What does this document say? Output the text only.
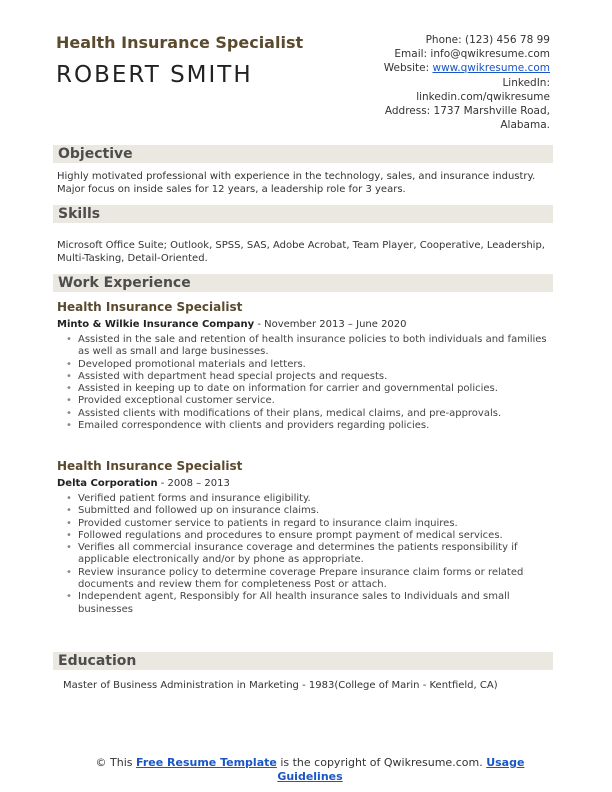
Health Insurance Specialist
ROBERT SMITH
Phone: (123) 456 78 99
Email: info@qwikresume.com
Website: www.qwikresume.com
LinkedIn:
linkedin.com/qwikresume
Address: 1737 Marshville Road,
Alabama.
Objective
Highly motivated professional with experience in the technology, sales, and insurance industry. Major focus on inside sales for 12 years, a leadership role for 3 years.
Skills
Microsoft Office Suite; Outlook, SPSS, SAS, Adobe Acrobat, Team Player, Cooperative, Leadership, Multi-Tasking, Detail-Oriented.
Work Experience
Health Insurance Specialist
Minto & Wilkie Insurance Company - November 2013 – June 2020
• Assisted in the sale and retention of health insurance policies to both individuals and families as well as small and large businesses.
• Developed promotional materials and letters.
• Assisted with department head special projects and requests.
• Assisted in keeping up to date on information for carrier and governmental policies.
• Provided exceptional customer service.
• Assisted clients with modifications of their plans, medical claims, and pre-approvals.
• Emailed correspondence with clients and providers regarding policies.
Health Insurance Specialist
Delta Corporation - 2008 – 2013
• Verified patient forms and insurance eligibility.
• Submitted and followed up on insurance claims.
• Provided customer service to patients in regard to insurance claim inquires.
• Followed regulations and procedures to ensure prompt payment of medical services.
• Verifies all commercial insurance coverage and determines the patients responsibility if applicable electronically and/or by phone as appropriate.
• Review insurance policy to determine coverage Prepare insurance claim forms or related documents and review them for completeness Post or attach.
• Independent agent, Responsibly for All health insurance sales to Individuals and small businesses
Education
Master of Business Administration in Marketing - 1983(College of Marin - Kentfield, CA)
© This Free Resume Template is the copyright of Qwikresume.com. Usage Guidelines
